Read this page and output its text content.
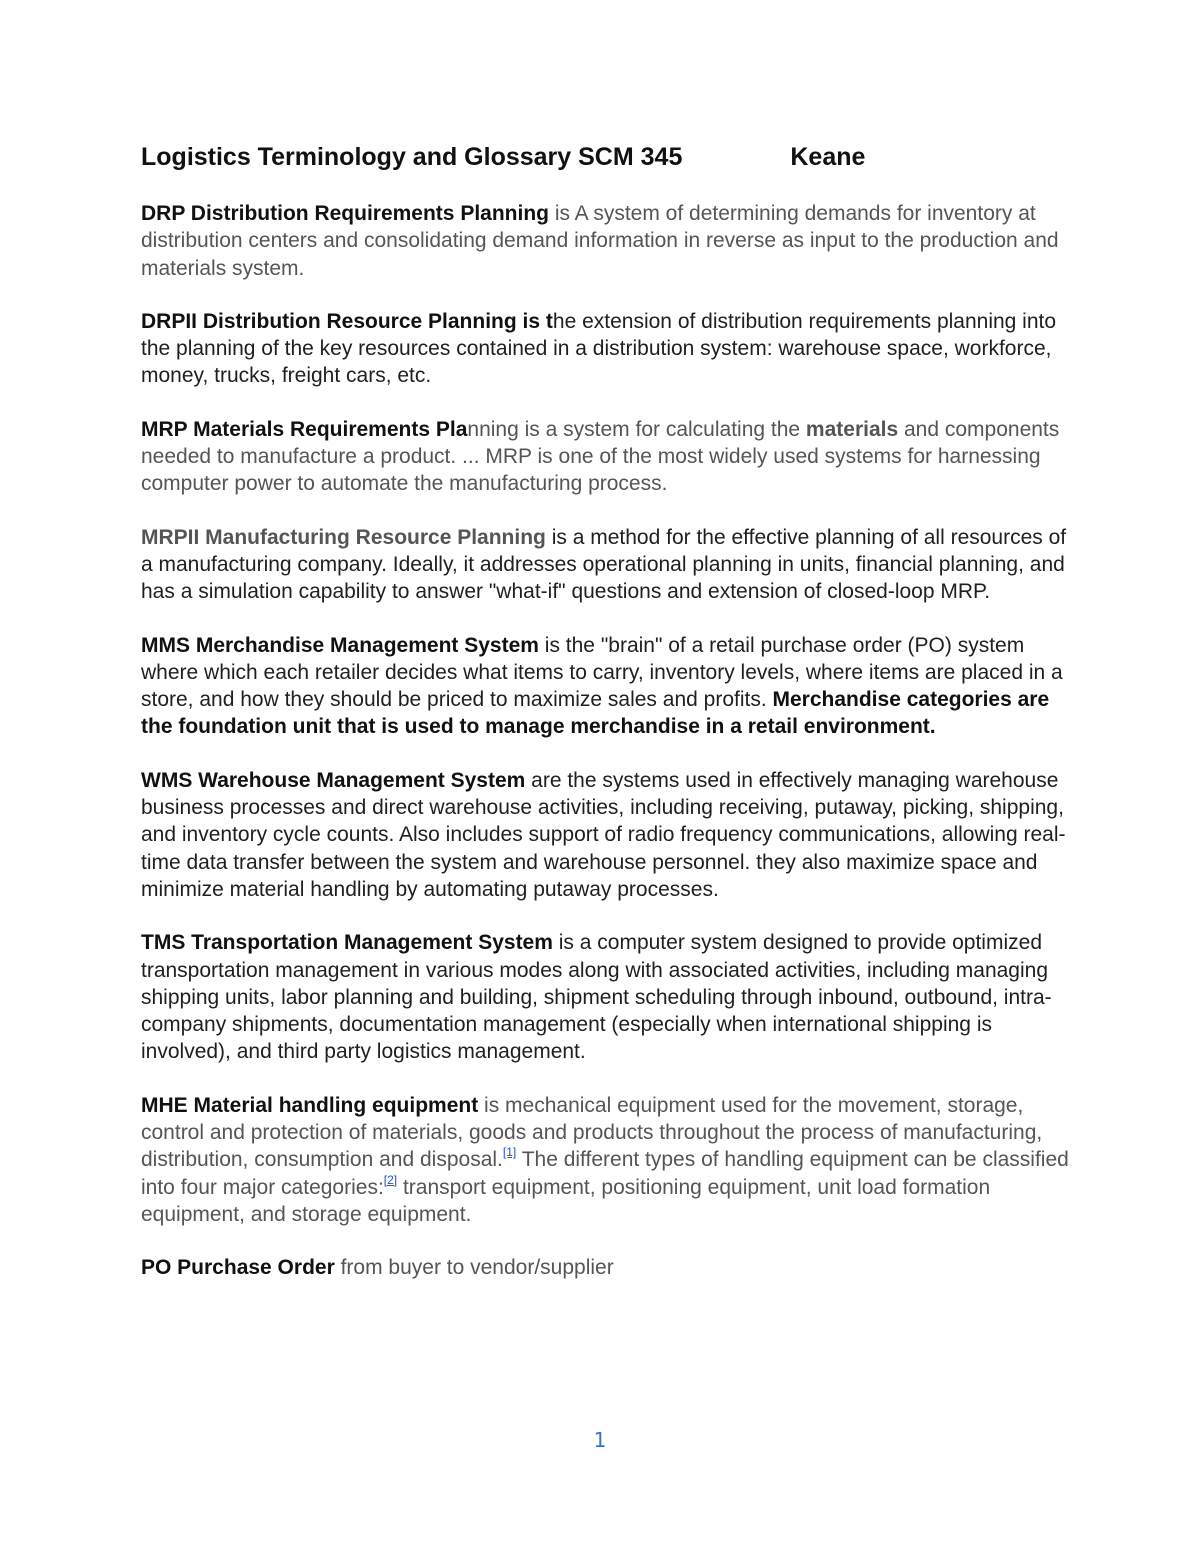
Logistics Terminology and Glossary SCM 345	Keane

DRP Distribution Requirements Planning is A system of determining demands for inventory at distribution centers and consolidating demand information in reverse as input to the production and materials system.

DRPII Distribution Resource Planning is the extension of distribution requirements planning into the planning of the key resources contained in a distribution system: warehouse space, workforce, money, trucks, freight cars, etc.

MRP Materials Requirements Planning is a system for calculating the materials and components needed to manufacture a product. ... MRP is one of the most widely used systems for harnessing computer power to automate the manufacturing process.

MRPII Manufacturing Resource Planning is a method for the effective planning of all resources of a manufacturing company. Ideally, it addresses operational planning in units, financial planning, and has a simulation capability to answer "what-if" questions and extension of closed-loop MRP.

MMS Merchandise Management System is the "brain" of a retail purchase order (PO) system where which each retailer decides what items to carry, inventory levels, where items are placed in a store, and how they should be priced to maximize sales and profits. Merchandise categories are the foundation unit that is used to manage merchandise in a retail environment.

WMS Warehouse Management System are the systems used in effectively managing warehouse business processes and direct warehouse activities, including receiving, putaway, picking, shipping, and inventory cycle counts. Also includes support of radio frequency communications, allowing real-time data transfer between the system and warehouse personnel. they also maximize space and minimize material handling by automating putaway processes.

TMS Transportation Management System is a computer system designed to provide optimized transportation management in various modes along with associated activities, including managing shipping units, labor planning and building, shipment scheduling through inbound, outbound, intra-company shipments, documentation management (especially when international shipping is involved), and third party logistics management.

MHE Material handling equipment is mechanical equipment used for the movement, storage, control and protection of materials, goods and products throughout the process of manufacturing, distribution, consumption and disposal.[1] The different types of handling equipment can be classified into four major categories:[2] transport equipment, positioning equipment, unit load formation equipment, and storage equipment.

PO Purchase Order from buyer to vendor/supplier

1
